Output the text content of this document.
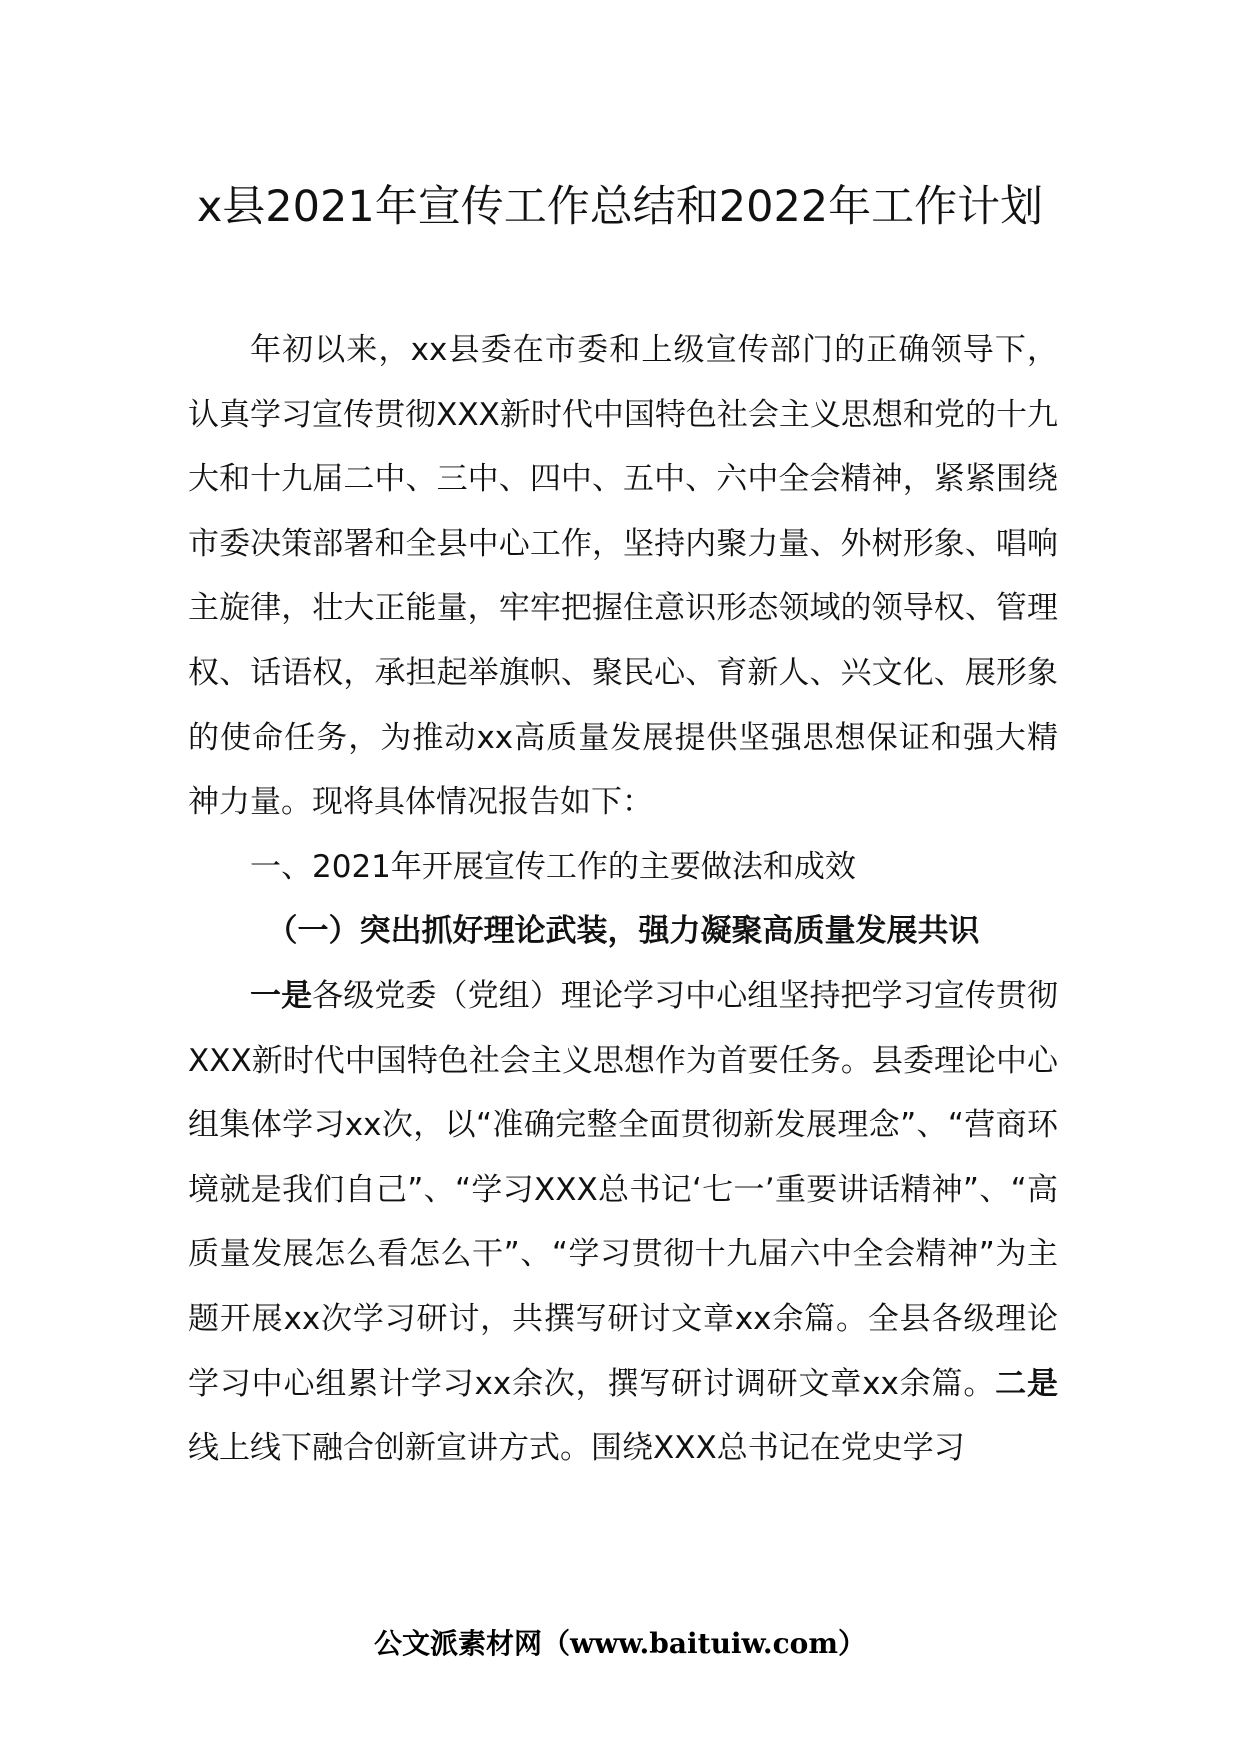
x县2021年宣传工作总结和2022年工作计划

年初以来，xx县委在市委和上级宣传部门的正确领导下，认真学习宣传贯彻XXX新时代中国特色社会主义思想和党的十九大和十九届二中、三中、四中、五中、六中全会精神，紧紧围绕市委决策部署和全县中心工作，坚持内聚力量、外树形象、唱响主旋律，壮大正能量，牢牢把握住意识形态领域的领导权、管理权、话语权，承担起举旗帜、聚民心、育新人、兴文化、展形象的使命任务，为推动xx高质量发展提供坚强思想保证和强大精神力量。现将具体情况报告如下：

一、2021年开展宣传工作的主要做法和成效

（一）突出抓好理论武装，强力凝聚高质量发展共识

一是各级党委（党组）理论学习中心组坚持把学习宣传贯彻XXX新时代中国特色社会主义思想作为首要任务。县委理论中心组集体学习xx次，以“准确完整全面贯彻新发展理念”、“营商环境就是我们自己”、“学习XXX总书记‘七一’重要讲话精神”、“高质量发展怎么看怎么干”、“学习贯彻十九届六中全会精神”为主题开展xx次学习研讨，共撰写研讨文章xx余篇。全县各级理论学习中心组累计学习xx余次，撰写研讨调研文章xx余篇。二是线上线下融合创新宣讲方式。围绕XXX总书记在党史学习

公文派素材网（www.baituiw.com）
